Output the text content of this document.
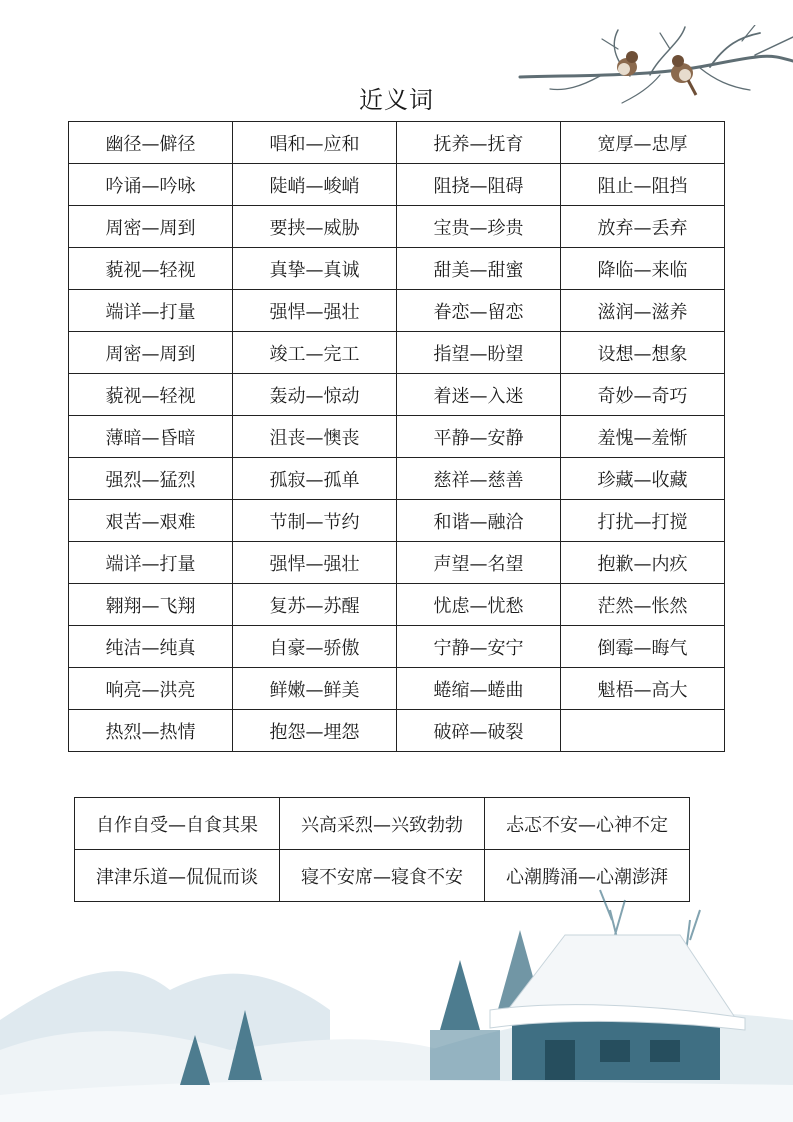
近义词
幽径—僻径	唱和—应和	抚养—抚育	宽厚—忠厚
吟诵—吟咏	陡峭—峻峭	阻挠—阻碍	阻止—阻挡
周密—周到	要挟—威胁	宝贵—珍贵	放弃—丢弃
藐视—轻视	真挚—真诚	甜美—甜蜜	降临—来临
端详—打量	强悍—强壮	眷恋—留恋	滋润—滋养
周密—周到	竣工—完工	指望—盼望	设想—想象
藐视—轻视	轰动—惊动	着迷—入迷	奇妙—奇巧
薄暗—昏暗	沮丧—懊丧	平静—安静	羞愧—羞惭
强烈—猛烈	孤寂—孤单	慈祥—慈善	珍藏—收藏
艰苦—艰难	节制—节约	和谐—融洽	打扰—打搅
端详—打量	强悍—强壮	声望—名望	抱歉—内疚
翱翔—飞翔	复苏—苏醒	忧虑—忧愁	茫然—怅然
纯洁—纯真	自豪—骄傲	宁静—安宁	倒霉—晦气
响亮—洪亮	鲜嫩—鲜美	蜷缩—蜷曲	魁梧—高大
热烈—热情	抱怨—埋怨	破碎—破裂	
自作自受—自食其果	兴高采烈—兴致勃勃	忐忑不安—心神不定
津津乐道—侃侃而谈	寝不安席—寝食不安	心潮腾涌—心潮澎湃
